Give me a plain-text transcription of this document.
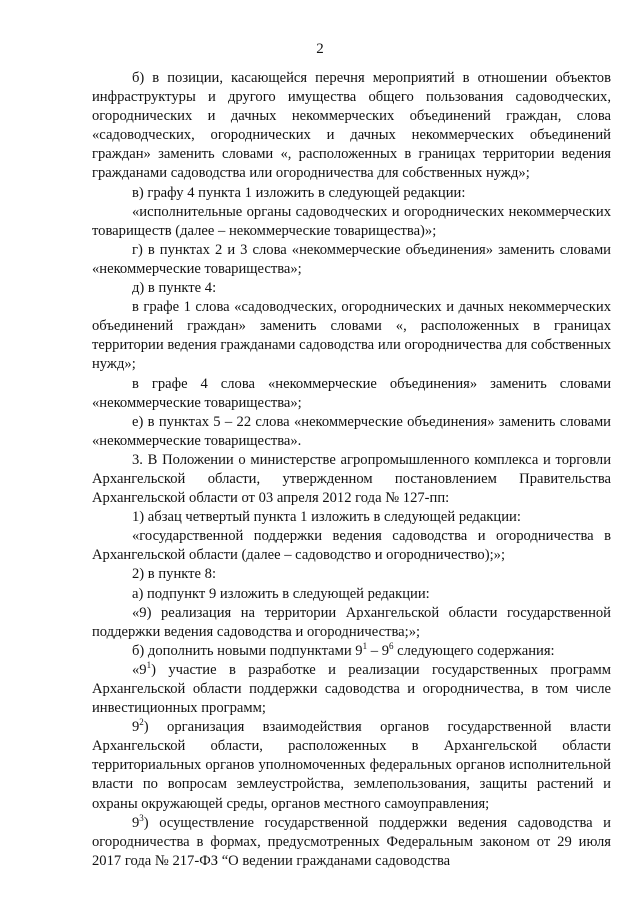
2

б) в позиции, касающейся перечня мероприятий в отношении объектов инфраструктуры и другого имущества общего пользования садоводческих, огороднических и дачных некоммерческих объединений граждан, слова «садоводческих, огороднических и дачных некоммерческих объединений граждан» заменить словами «, расположенных в границах территории ведения гражданами садоводства или огородничества для собственных нужд»;

в) графу 4 пункта 1 изложить в следующей редакции:

«исполнительные органы садоводческих и огороднических некоммерческих товариществ (далее – некоммерческие товарищества)»;

г) в пунктах 2 и 3 слова «некоммерческие объединения» заменить словами «некоммерческие товарищества»;

д) в пункте 4:

в графе 1 слова «садоводческих, огороднических и дачных некоммерческих объединений граждан» заменить словами «, расположенных в границах территории ведения гражданами садоводства или огородничества для собственных нужд»;

в графе 4 слова «некоммерческие объединения» заменить словами «некоммерческие товарищества»;

е) в пунктах 5 – 22 слова «некоммерческие объединения» заменить словами «некоммерческие товарищества».

3. В Положении о министерстве агропромышленного комплекса и торговли Архангельской области, утвержденном постановлением Правительства Архангельской области от 03 апреля 2012 года № 127-пп:

1) абзац четвертый пункта 1 изложить в следующей редакции:

«государственной поддержки ведения садоводства и огородничества в Архангельской области (далее – садоводство и огородничество);»;

2) в пункте 8:

а) подпункт 9 изложить в следующей редакции:

«9) реализация на территории Архангельской области государственной поддержки ведения садоводства и огородничества;»;

б) дополнить новыми подпунктами $9^1 - 9^6$ следующего содержания:

«$9^1$) участие в разработке и реализации государственных программ Архангельской области поддержки садоводства и огородничества, в том числе инвестиционных программ;

$9^2$) организация взаимодействия органов государственной власти Архангельской области, расположенных в Архангельской области территориальных органов уполномоченных федеральных органов исполнительной власти по вопросам землеустройства, землепользования, защиты растений и охраны окружающей среды, органов местного самоуправления;

$9^3$) осуществление государственной поддержки ведения садоводства и огородничества в формах, предусмотренных Федеральным законом от 29 июля 2017 года № 217-ФЗ “О ведении гражданами садоводства
